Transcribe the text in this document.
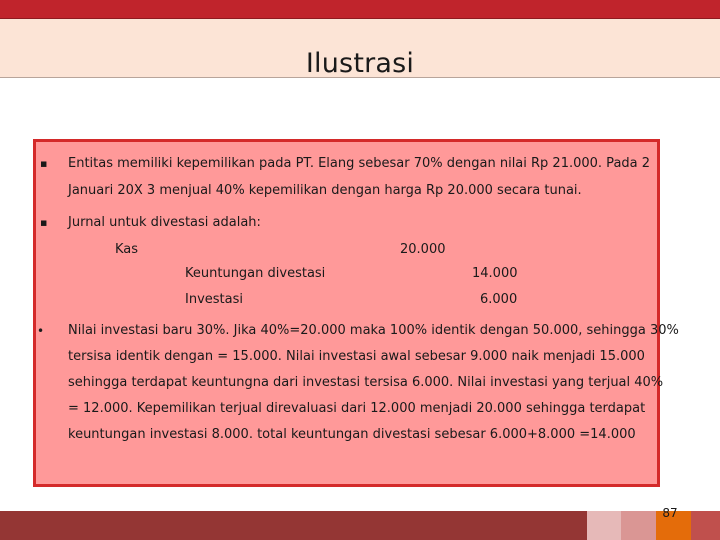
Ilustrasi
▪ Entitas memiliki kepemilikan pada PT. Elang sebesar 70% dengan nilai Rp 21.000. Pada 2
Januari 20X 3 menjual 40% kepemilikan dengan harga Rp 20.000 secara tunai.
▪ Jurnal untuk divestasi adalah:
Kas	20.000
Keuntungan divestasi	14.000
Investasi	6.000
• Nilai investasi baru 30%. Jika 40%=20.000 maka 100% identik dengan 50.000, sehingga 30%
tersisa identik dengan = 15.000. Nilai investasi awal sebesar 9.000 naik menjadi 15.000
sehingga terdapat keuntungna dari investasi tersisa 6.000. Nilai investasi yang terjual 40%
= 12.000. Kepemilikan terjual direvaluasi dari 12.000 menjadi 20.000 sehingga terdapat
keuntungan investasi 8.000. total keuntungan divestasi sebesar 6.000+8.000 =14.000
87
